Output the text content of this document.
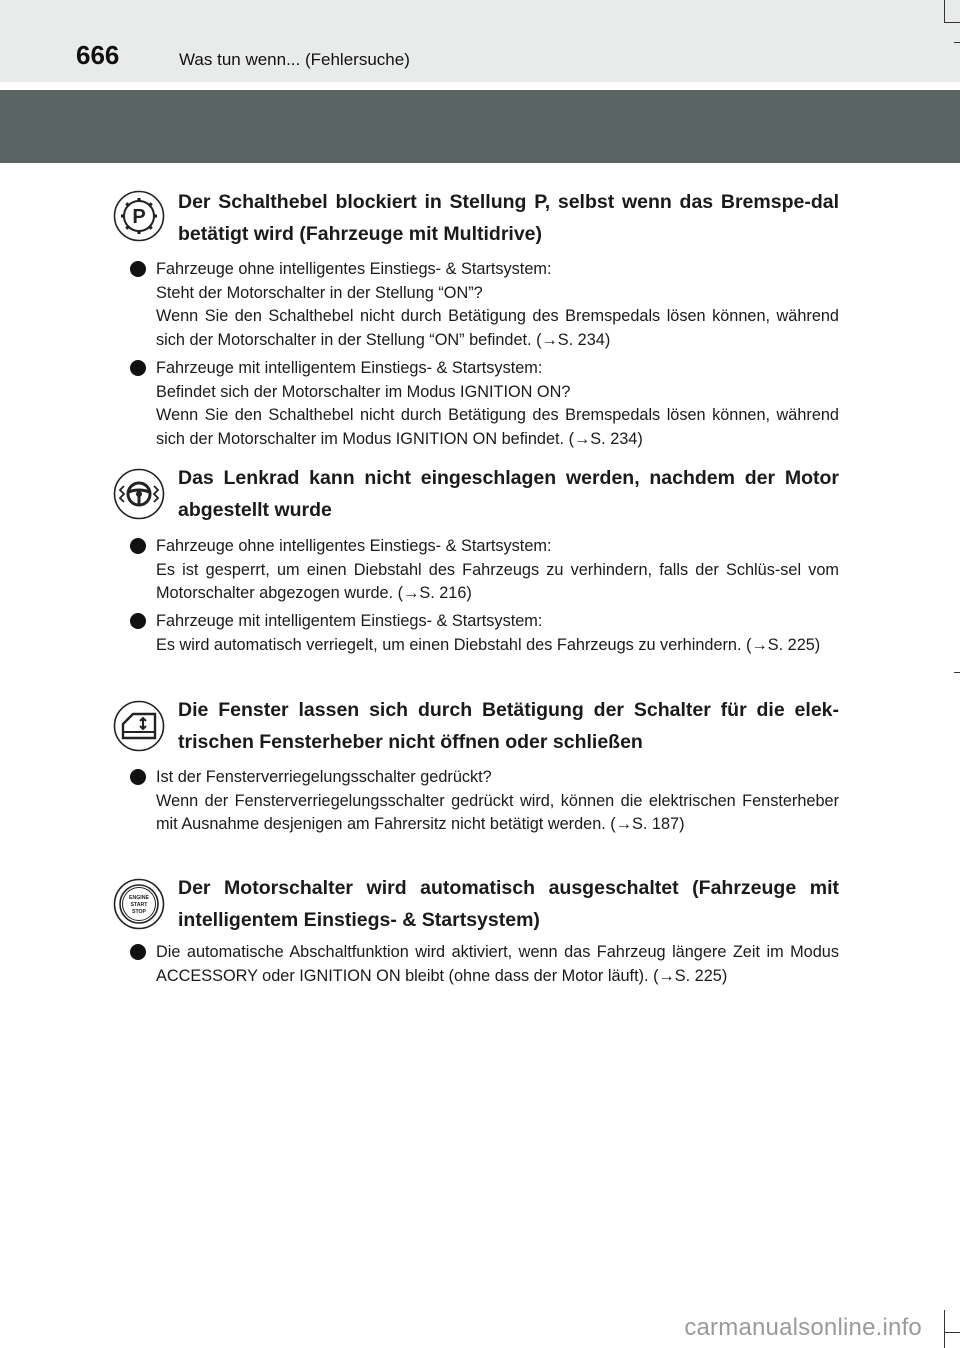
666	Was tun wenn... (Fehlersuche)
P
Der Schalthebel blockiert in Stellung P, selbst wenn das Bremspe-dal betätigt wird (Fahrzeuge mit Multidrive)
Fahrzeuge ohne intelligentes Einstiegs- & Startsystem:
Steht der Motorschalter in der Stellung “ON”?
Wenn Sie den Schalthebel nicht durch Betätigung des Bremspedals lösen können, während sich der Motorschalter in der Stellung “ON” befindet. (→S. 234)
Fahrzeuge mit intelligentem Einstiegs- & Startsystem:
Befindet sich der Motorschalter im Modus IGNITION ON?
Wenn Sie den Schalthebel nicht durch Betätigung des Bremspedals lösen können, während sich der Motorschalter im Modus IGNITION ON befindet. (→S. 234)
Das Lenkrad kann nicht eingeschlagen werden, nachdem der Motor abgestellt wurde
Fahrzeuge ohne intelligentes Einstiegs- & Startsystem:
Es ist gesperrt, um einen Diebstahl des Fahrzeugs zu verhindern, falls der Schlüs-sel vom Motorschalter abgezogen wurde. (→S. 216)
Fahrzeuge mit intelligentem Einstiegs- & Startsystem:
Es wird automatisch verriegelt, um einen Diebstahl des Fahrzeugs zu verhindern. (→S. 225)
Die Fenster lassen sich durch Betätigung der Schalter für die elek-trischen Fensterheber nicht öffnen oder schließen
Ist der Fensterverriegelungsschalter gedrückt?
Wenn der Fensterverriegelungsschalter gedrückt wird, können die elektrischen Fensterheber mit Ausnahme desjenigen am Fahrersitz nicht betätigt werden. (→S. 187)
ENGINE
START
STOP
Der Motorschalter wird automatisch ausgeschaltet (Fahrzeuge mit intelligentem Einstiegs- & Startsystem)
Die automatische Abschaltfunktion wird aktiviert, wenn das Fahrzeug längere Zeit im Modus ACCESSORY oder IGNITION ON bleibt (ohne dass der Motor läuft). (→S. 225)
carmanualsonline.info
